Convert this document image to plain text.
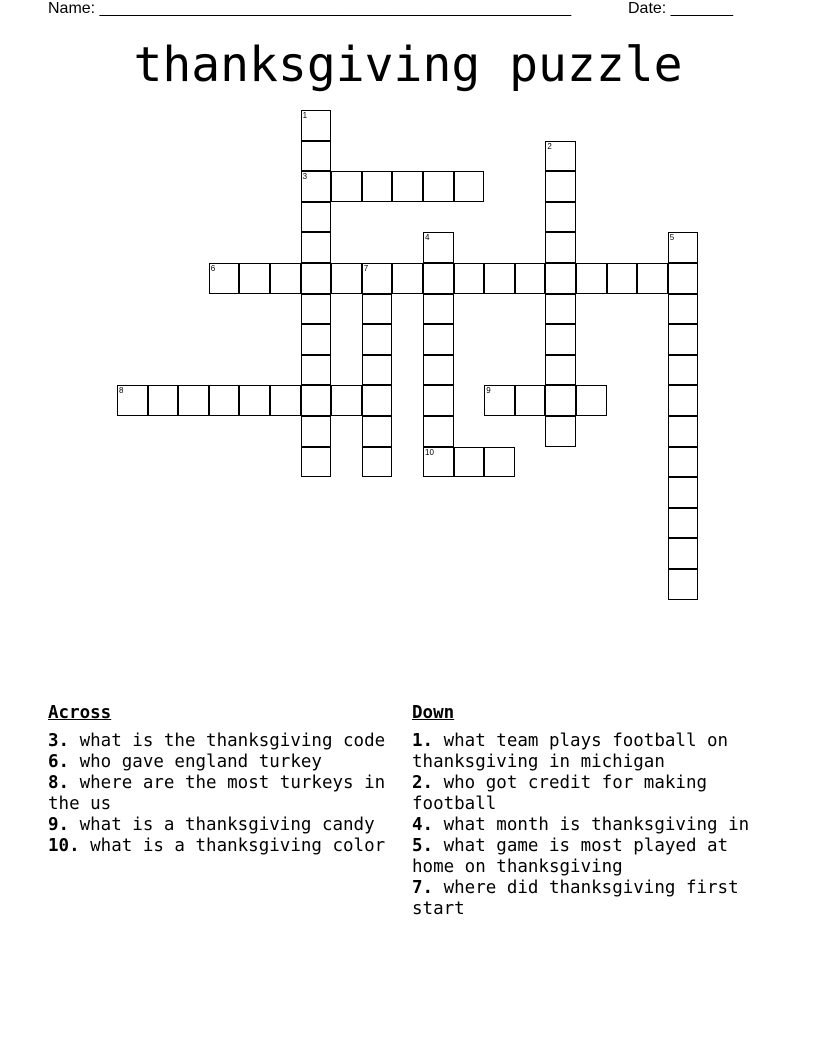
Name: _____________________________________________________	Date: _______
thanksgiving puzzle
1
3
2
4
10
5
6	7
8	9
Across
3. what is the thanksgiving code
6. who gave england turkey
8. where are the most turkeys in the us
9. what is a thanksgiving candy
10. what is a thanksgiving color
Down
1. what team plays football on thanksgiving in michigan
2. who got credit for making football
4. what month is thanksgiving in
5. what game is most played at home on thanksgiving
7. where did thanksgiving first start
